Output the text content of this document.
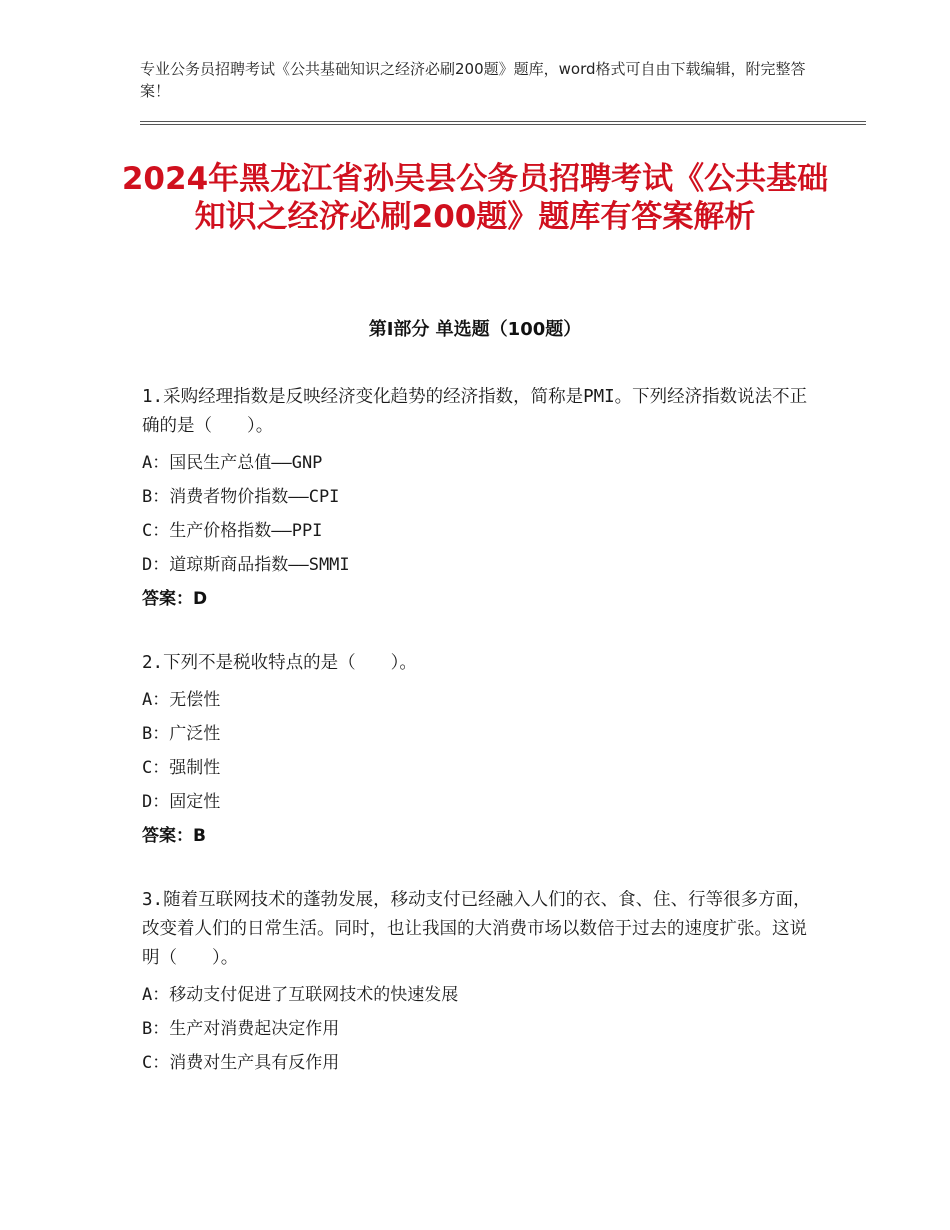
专业公务员招聘考试《公共基础知识之经济必刷200题》题库，word格式可自由下载编辑，附完整答案！
2024年黑龙江省孙吴县公务员招聘考试《公共基础知识之经济必刷200题》题库有答案解析
第Ⅰ部分 单选题（100题）
1.采购经理指数是反映经济变化趋势的经济指数，简称是PMI。下列经济指数说法不正确的是（　　）。
A：国民生产总值——GNP
B：消费者物价指数——CPI
C：生产价格指数——PPI
D：道琼斯商品指数——SMMI
答案：D
2.下列不是税收特点的是（　　）。
A：无偿性
B：广泛性
C：强制性
D：固定性
答案：B
3.随着互联网技术的蓬勃发展，移动支付已经融入人们的衣、食、住、行等很多方面，改变着人们的日常生活。同时，也让我国的大消费市场以数倍于过去的速度扩张。这说明（　　）。
A：移动支付促进了互联网技术的快速发展
B：生产对消费起决定作用
C：消费对生产具有反作用
